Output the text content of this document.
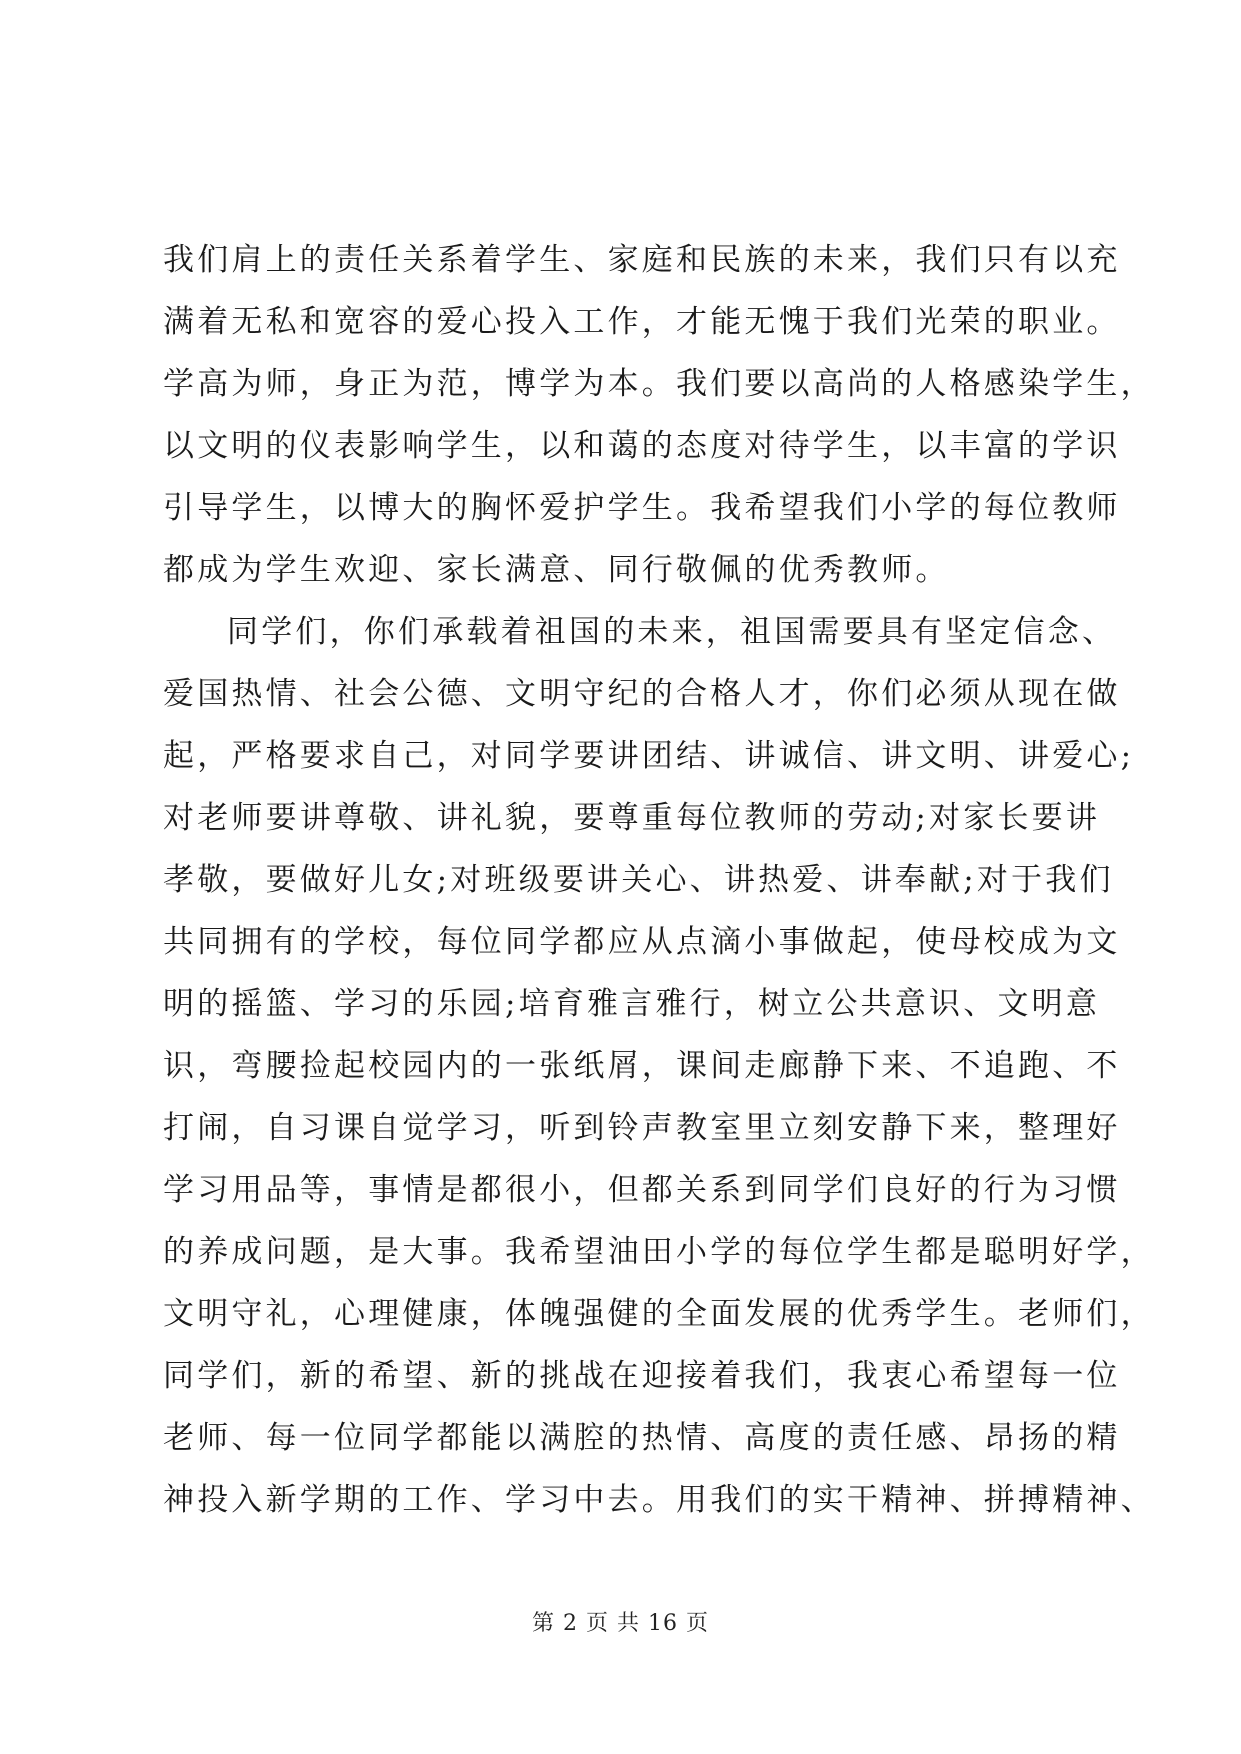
我们肩上的责任关系着学生、家庭和民族的未来，我们只有以充
满着无私和宽容的爱心投入工作，才能无愧于我们光荣的职业。
学高为师，身正为范，博学为本。我们要以高尚的人格感染学生，
以文明的仪表影响学生，以和蔼的态度对待学生，以丰富的学识
引导学生，以博大的胸怀爱护学生。我希望我们小学的每位教师
都成为学生欢迎、家长满意、同行敬佩的优秀教师。
同学们，你们承载着祖国的未来，祖国需要具有坚定信念、
爱国热情、社会公德、文明守纪的合格人才，你们必须从现在做
起，严格要求自己，对同学要讲团结、讲诚信、讲文明、讲爱心;
对老师要讲尊敬、讲礼貌，要尊重每位教师的劳动;对家长要讲
孝敬，要做好儿女;对班级要讲关心、讲热爱、讲奉献;对于我们
共同拥有的学校，每位同学都应从点滴小事做起，使母校成为文
明的摇篮、学习的乐园;培育雅言雅行，树立公共意识、文明意
识，弯腰捡起校园内的一张纸屑，课间走廊静下来、不追跑、不
打闹，自习课自觉学习，听到铃声教室里立刻安静下来，整理好
学习用品等，事情是都很小，但都关系到同学们良好的行为习惯
的养成问题，是大事。我希望油田小学的每位学生都是聪明好学，
文明守礼，心理健康，体魄强健的全面发展的优秀学生。老师们，
同学们，新的希望、新的挑战在迎接着我们，我衷心希望每一位
老师、每一位同学都能以满腔的热情、高度的责任感、昂扬的精
神投入新学期的工作、学习中去。用我们的实干精神、拼搏精神、
第 2 页 共 16 页
